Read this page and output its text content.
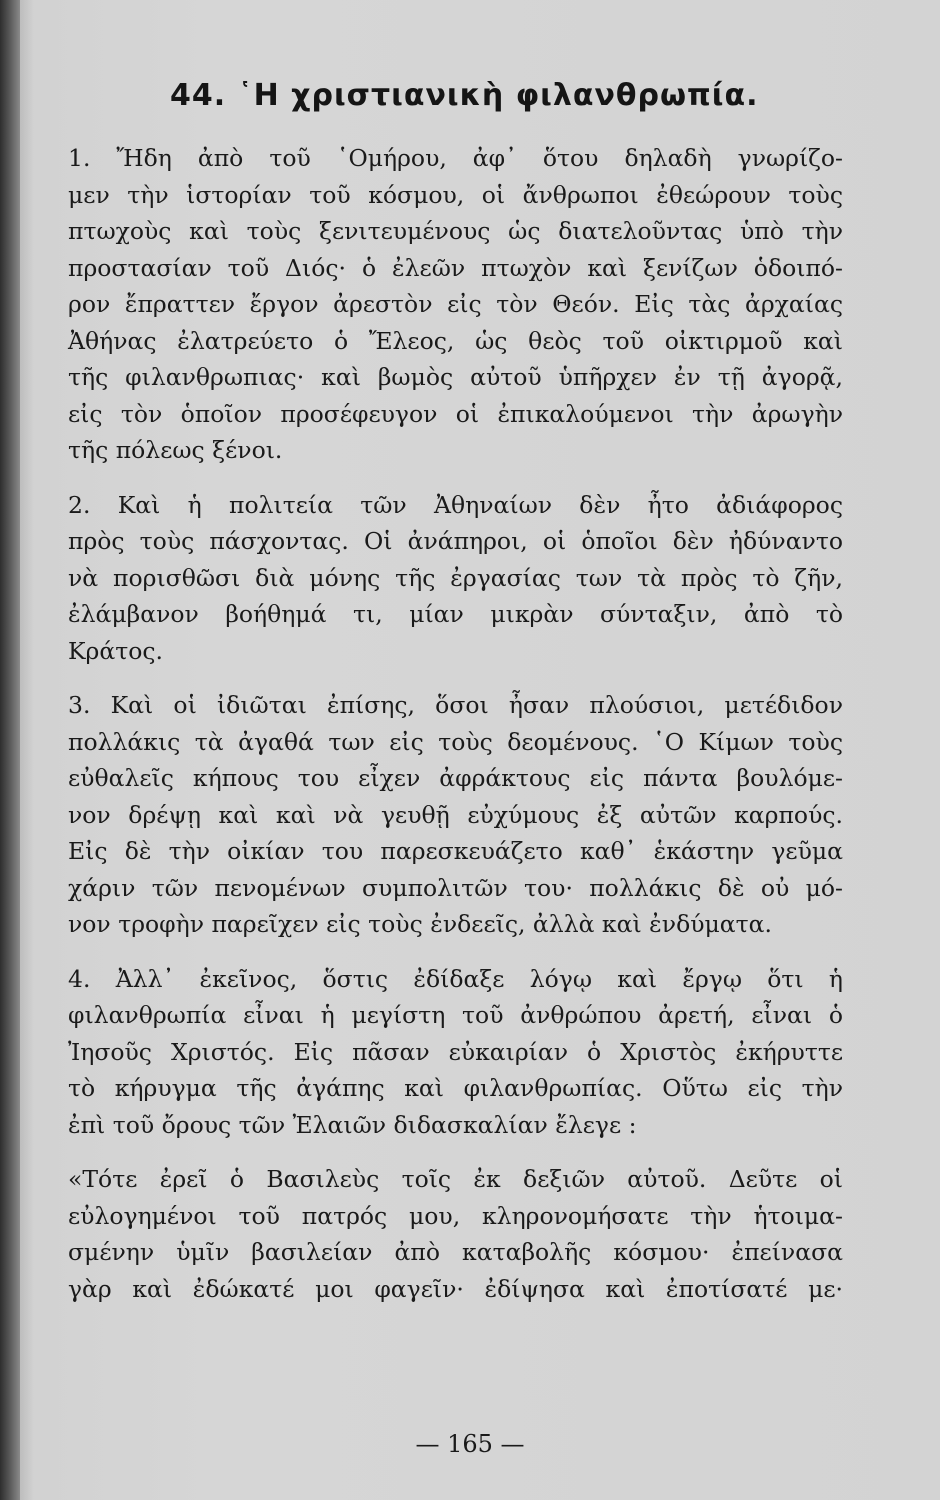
44. ῾Η χριστιανικὴ φιλανθρωπία.
1. Ἤδη ἀπὸ τοῦ ῾Ομήρου, ἀφ᾽ ὅτου δηλαδὴ γνωρίζο-
μεν τὴν ἱστορίαν τοῦ κόσμου, οἱ ἄνθρωποι ἐθεώρουν τοὺς
πτωχοὺς καὶ τοὺς ξενιτευμένους ὡς διατελοῦντας ὑπὸ τὴν
προστασίαν τοῦ Διός· ὁ ἐλεῶν πτωχὸν καὶ ξενίζων ὁδοιπό-
ρον ἔπραττεν ἔργον ἀρεστὸν εἰς τὸν Θεόν. Εἰς τὰς ἀρχαίας
Ἀθήνας ἐλατρεύετο ὁ Ἔλεος, ὡς θεὸς τοῦ οἰκτιρμοῦ καὶ
τῆς φιλανθρωπιας· καὶ βωμὸς αὐτοῦ ὑπῆρχεν ἐν τῇ ἀγορᾷ,
εἰς τὸν ὁποῖον προσέφευγον οἱ ἐπικαλούμενοι τὴν ἀρωγὴν
τῆς πόλεως ξένοι.
2. Καὶ ἡ πολιτεία τῶν Ἀθηναίων δὲν ἦτο ἀδιάφορος
πρὸς τοὺς πάσχοντας. Οἱ ἀνάπηροι, οἱ ὁποῖοι δὲν ἠδύναντο
νὰ πορισθῶσι διὰ μόνης τῆς ἐργασίας των τὰ πρὸς τὸ ζῆν,
ἐλάμβανον βοήθημά τι, μίαν μικρὰν σύνταξιν, ἀπὸ τὸ
Κράτος.
3. Καὶ οἱ ἰδιῶται ἐπίσης, ὅσοι ἦσαν πλούσιοι, μετέδιδον
πολλάκις τὰ ἀγαθά των εἰς τοὺς δεομένους. ῾Ο Κίμων τοὺς
εὐθαλεῖς κήπους του εἶχεν ἀφράκτους εἰς πάντα βουλόμε-
νον δρέψῃ καὶ καὶ νὰ γευθῇ εὐχύμους ἐξ αὐτῶν καρπούς.
Εἰς δὲ τὴν οἰκίαν του παρεσκευάζετο καθ᾽ ἑκάστην γεῦμα
χάριν τῶν πενομένων συμπολιτῶν του· πολλάκις δὲ οὐ μό-
νον τροφὴν παρεῖχεν εἰς τοὺς ἐνδεεῖς, ἀλλὰ καὶ ἐνδύματα.
4. Ἀλλ᾽ ἐκεῖνος, ὅστις ἐδίδαξε λόγῳ καὶ ἔργῳ ὅτι ἡ
φιλανθρωπία εἶναι ἡ μεγίστη τοῦ ἀνθρώπου ἀρετή, εἶναι ὁ
Ἰησοῦς Χριστός. Εἰς πᾶσαν εὐκαιρίαν ὁ Χριστὸς ἐκήρυττε
τὸ κήρυγμα τῆς ἀγάπης καὶ φιλανθρωπίας. Οὕτω εἰς τὴν
ἐπὶ τοῦ ὄρους τῶν Ἐλαιῶν διδασκαλίαν ἔλεγε :
«Τότε ἐρεῖ ὁ Βασιλεὺς τοῖς ἐκ δεξιῶν αὐτοῦ. Δεῦτε οἱ
εὐλογημένοι τοῦ πατρός μου, κληρονομήσατε τὴν ἡτοιμα-
σμένην ὑμῖν βασιλείαν ἀπὸ καταβολῆς κόσμου· ἐπείνασα
γὰρ καὶ ἐδώκατέ μοι φαγεῖν· ἐδίψησα καὶ ἐποτίσατέ με·
— 165 —
